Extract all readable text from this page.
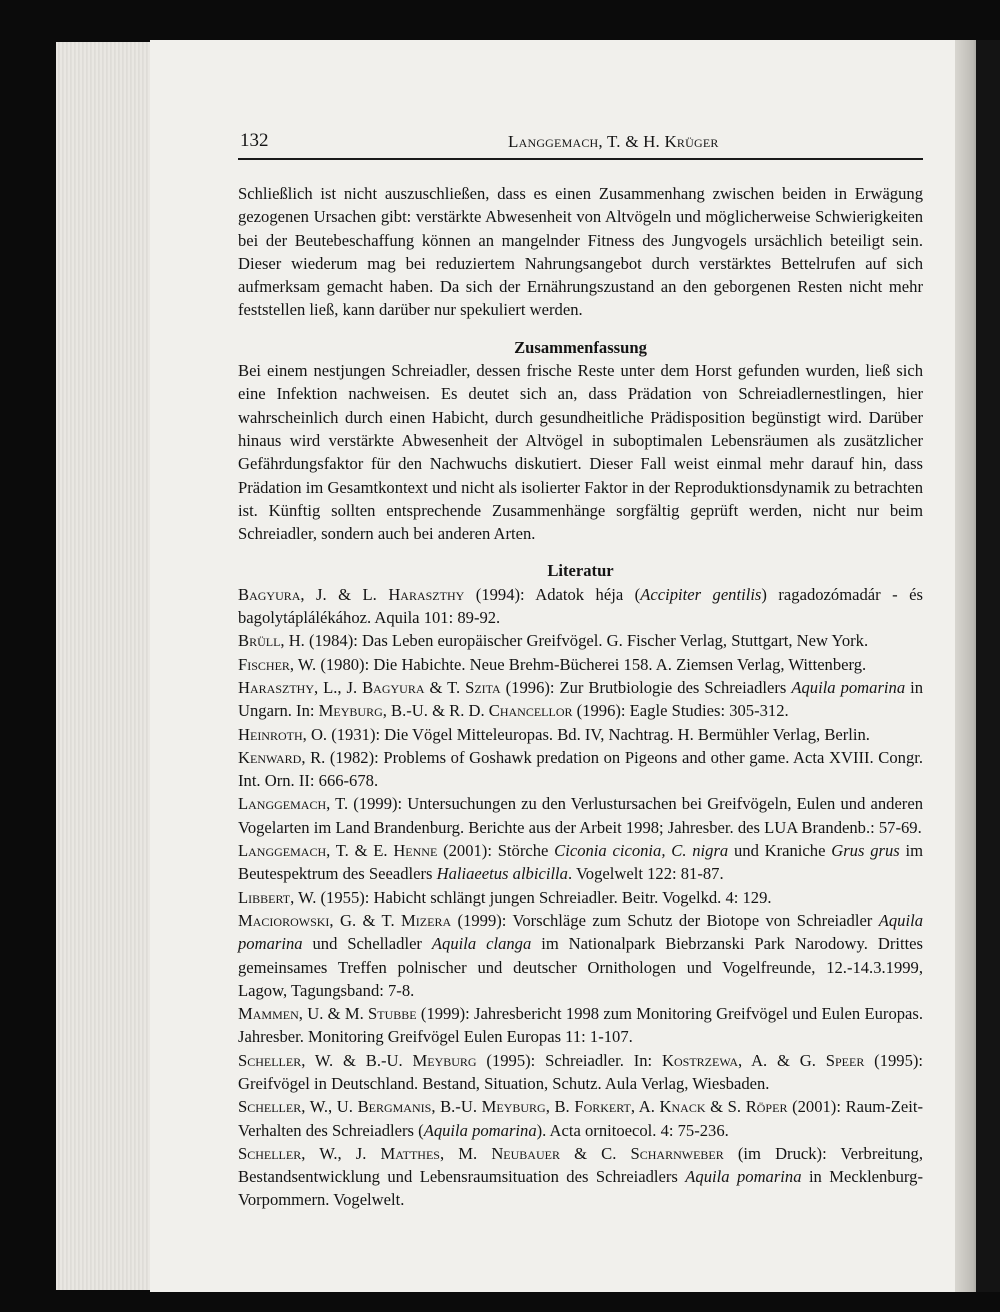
132	Langgemach, T. & H. Krüger

Schließlich ist nicht auszuschließen, dass es einen Zusammenhang zwischen beiden in Erwägung gezogenen Ursachen gibt: verstärkte Abwesenheit von Altvögeln und möglicherweise Schwierigkeiten bei der Beutebeschaffung können an mangelnder Fitness des Jungvogels ursächlich beteiligt sein. Dieser wiederum mag bei reduziertem Nahrungsangebot durch verstärktes Bettelrufen auf sich aufmerksam gemacht haben. Da sich der Ernährungszustand an den geborgenen Resten nicht mehr feststellen ließ, kann darüber nur spekuliert werden.

Zusammenfassung

Bei einem nestjungen Schreiadler, dessen frische Reste unter dem Horst gefunden wurden, ließ sich eine Infektion nachweisen. Es deutet sich an, dass Prädation von Schreiadlernestlingen, hier wahrscheinlich durch einen Habicht, durch gesundheitliche Prädisposition begünstigt wird. Darüber hinaus wird verstärkte Abwesenheit der Altvögel in suboptimalen Lebensräumen als zusätzlicher Gefährdungsfaktor für den Nachwuchs diskutiert. Dieser Fall weist einmal mehr darauf hin, dass Prädation im Gesamtkontext und nicht als isolierter Faktor in der Reproduktionsdynamik zu betrachten ist. Künftig sollten entsprechende Zusammenhänge sorgfältig geprüft werden, nicht nur beim Schreiadler, sondern auch bei anderen Arten.

Literatur

Bagyura, J. & L. Haraszthy (1994): Adatok héja (Accipiter gentilis) ragadozómadár - és bagolytáplálékához. Aquila 101: 89-92.

Brüll, H. (1984): Das Leben europäischer Greifvögel. G. Fischer Verlag, Stuttgart, New York.

Fischer, W. (1980): Die Habichte. Neue Brehm-Bücherei 158. A. Ziemsen Verlag, Wittenberg.

Haraszthy, L., J. Bagyura & T. Szita (1996): Zur Brutbiologie des Schreiadlers Aquila pomarina in Ungarn. In: Meyburg, B.-U. & R. D. Chancellor (1996): Eagle Studies: 305-312.

Heinroth, O. (1931): Die Vögel Mitteleuropas. Bd. IV, Nachtrag. H. Bermühler Verlag, Berlin.

Kenward, R. (1982): Problems of Goshawk predation on Pigeons and other game. Acta XVIII. Congr. Int. Orn. II: 666-678.

Langgemach, T. (1999): Untersuchungen zu den Verlustursachen bei Greifvögeln, Eulen und anderen Vogelarten im Land Brandenburg. Berichte aus der Arbeit 1998; Jahresber. des LUA Brandenb.: 57-69.

Langgemach, T. & E. Henne (2001): Störche Ciconia ciconia, C. nigra und Kraniche Grus grus im Beutespektrum des Seeadlers Haliaeetus albicilla. Vogelwelt 122: 81-87.

Libbert, W. (1955): Habicht schlängt jungen Schreiadler. Beitr. Vogelkd. 4: 129.

Maciorowski, G. & T. Mizera (1999): Vorschläge zum Schutz der Biotope von Schreiadler Aquila pomarina und Schelladler Aquila clanga im Nationalpark Biebrzanski Park Narodowy. Drittes gemeinsames Treffen polnischer und deutscher Ornithologen und Vogelfreunde, 12.-14.3.1999, Lagow, Tagungsband: 7-8.

Mammen, U. & M. Stubbe (1999): Jahresbericht 1998 zum Monitoring Greifvögel und Eulen Europas. Jahresber. Monitoring Greifvögel Eulen Europas 11: 1-107.

Scheller, W. & B.-U. Meyburg (1995): Schreiadler. In: Kostrzewa, A. & G. Speer (1995): Greifvögel in Deutschland. Bestand, Situation, Schutz. Aula Verlag, Wiesbaden.

Scheller, W., U. Bergmanis, B.-U. Meyburg, B. Forkert, A. Knack & S. Röper (2001): Raum-Zeit-Verhalten des Schreiadlers (Aquila pomarina). Acta ornitoecol. 4: 75-236.

Scheller, W., J. Matthes, M. Neubauer & C. Scharnweber (im Druck): Verbreitung, Bestandsentwicklung und Lebensraumsituation des Schreiadlers Aquila pomarina in Mecklenburg-Vorpommern. Vogelwelt.
